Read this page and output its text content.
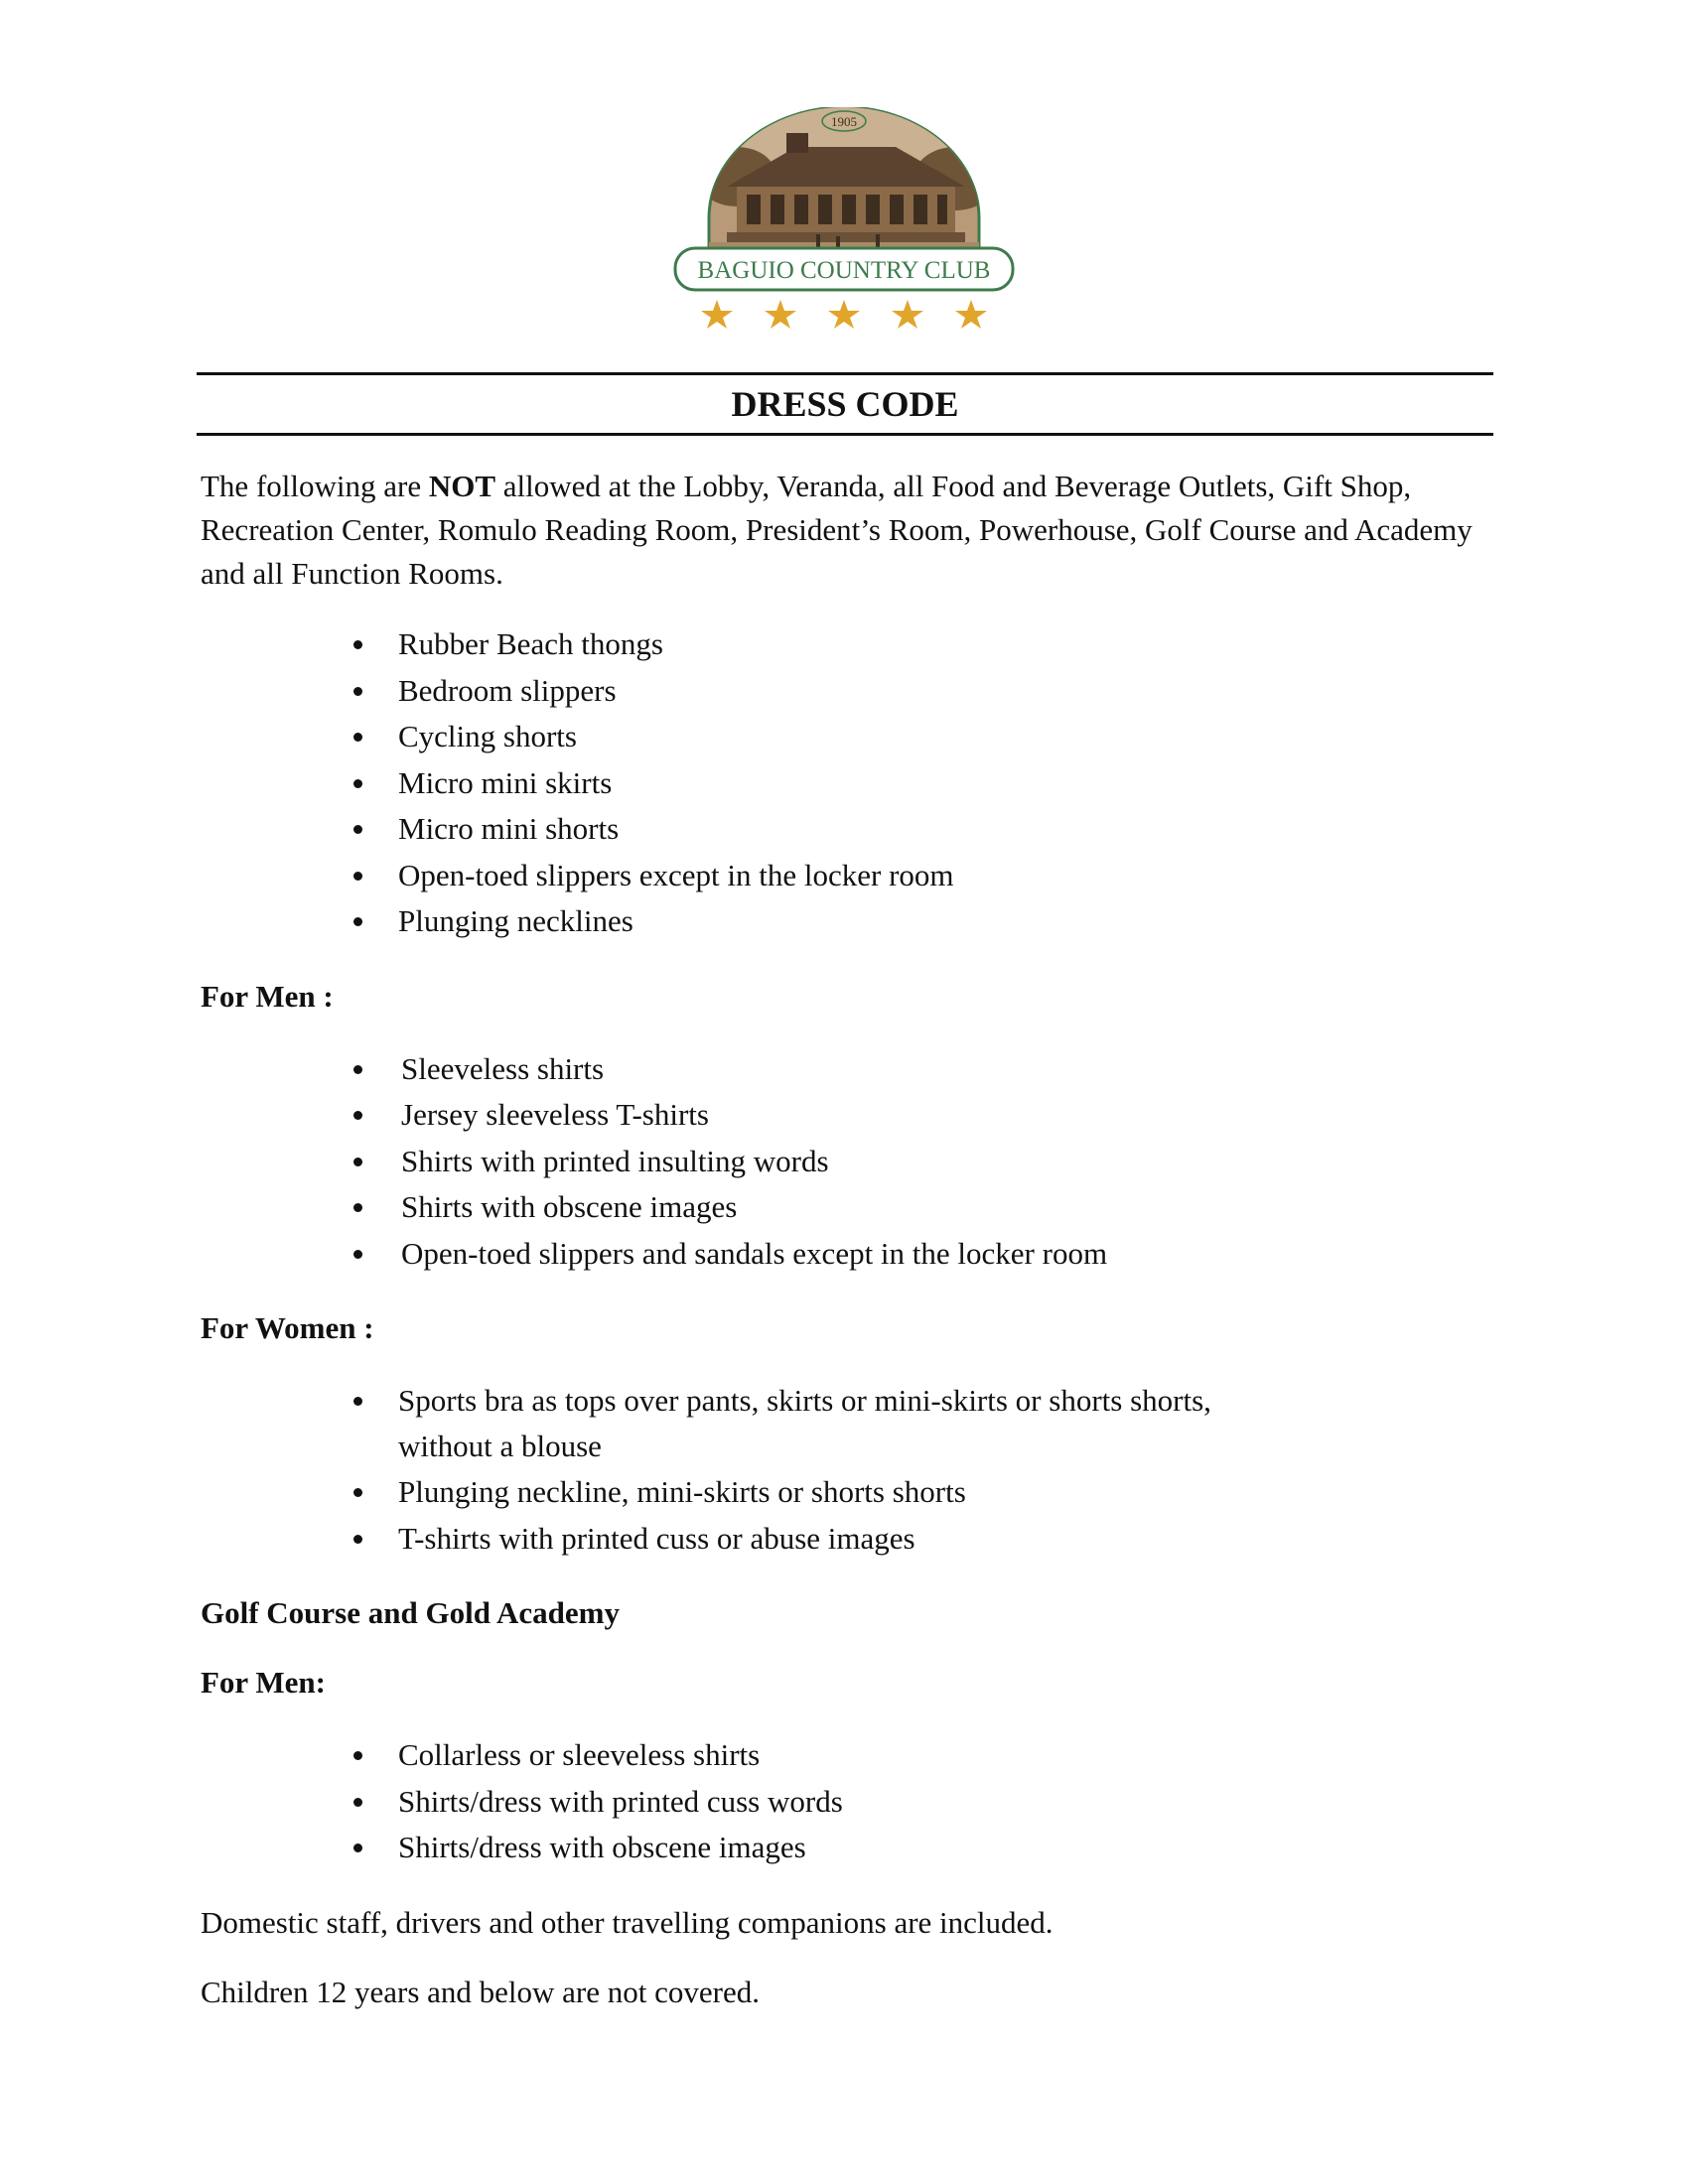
1905
BAGUIO COUNTRY CLUB
DRESS CODE

The following are NOT allowed at the Lobby, Veranda, all Food and Beverage Outlets, Gift Shop, Recreation Center, Romulo Reading Room, President’s Room, Powerhouse, Golf Course and Academy and all Function Rooms.

Rubber Beach thongs
Bedroom slippers
Cycling shorts
Micro mini skirts
Micro mini shorts
Open-toed slippers except in the locker room
Plunging necklines

For Men :

Sleeveless shirts
Jersey sleeveless T-shirts
Shirts with printed insulting words
Shirts with obscene images
Open-toed slippers and sandals except in the locker room

For Women :

Sports bra as tops over pants, skirts or mini-skirts or shorts shorts, without a blouse
Plunging neckline, mini-skirts or shorts shorts
T-shirts with printed cuss or abuse images

Golf Course and Gold Academy

For Men:

Collarless or sleeveless shirts
Shirts/dress with printed cuss words
Shirts/dress with obscene images

Domestic staff, drivers and other travelling companions are included.

Children 12 years and below are not covered.
